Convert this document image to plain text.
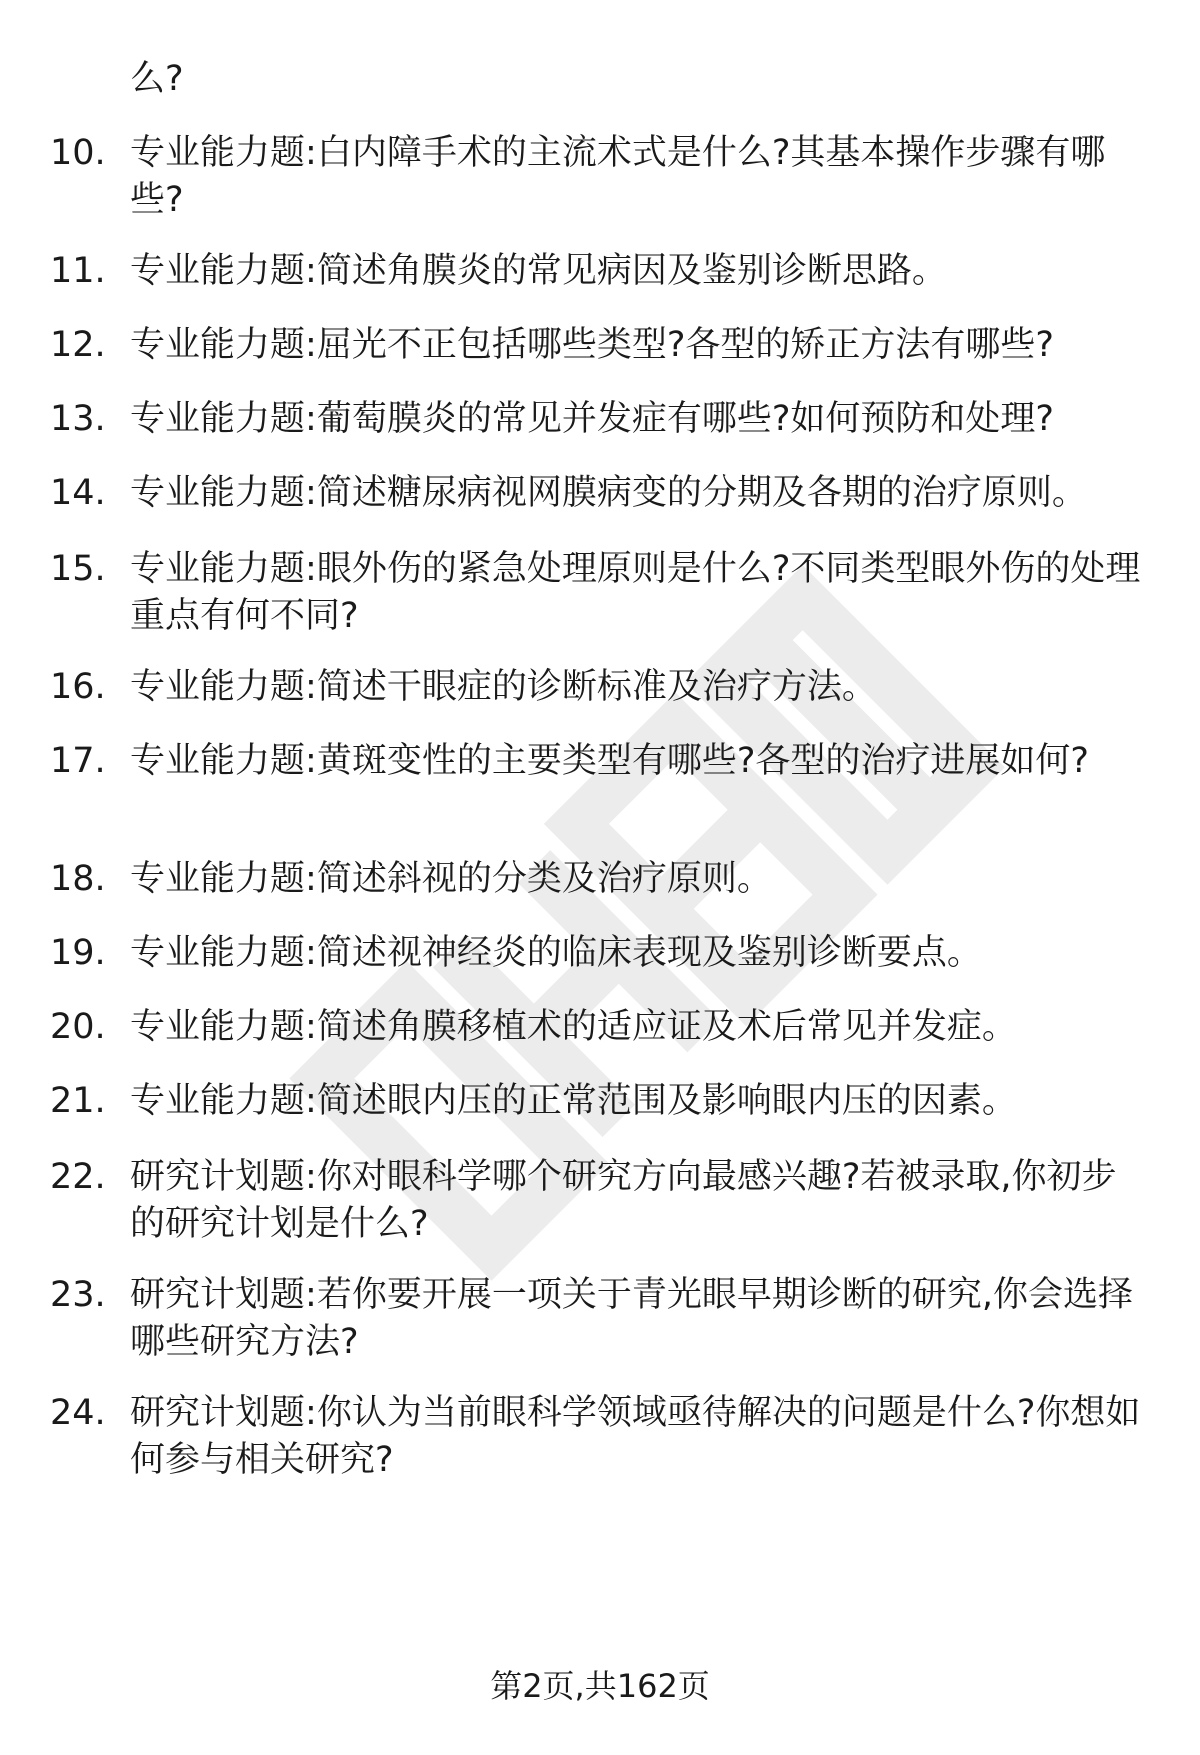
么?
10. 专业能力题:白内障手术的主流术式是什么?其基本操作步骤有哪些?
11. 专业能力题:简述角膜炎的常见病因及鉴别诊断思路。
12. 专业能力题:屈光不正包括哪些类型?各型的矫正方法有哪些?
13. 专业能力题:葡萄膜炎的常见并发症有哪些?如何预防和处理?
14. 专业能力题:简述糖尿病视网膜病变的分期及各期的治疗原则。
15. 专业能力题:眼外伤的紧急处理原则是什么?不同类型眼外伤的处理重点有何不同?
16. 专业能力题:简述干眼症的诊断标准及治疗方法。
17. 专业能力题:黄斑变性的主要类型有哪些?各型的治疗进展如何?
18. 专业能力题:简述斜视的分类及治疗原则。
19. 专业能力题:简述视神经炎的临床表现及鉴别诊断要点。
20. 专业能力题:简述角膜移植术的适应证及术后常见并发症。
21. 专业能力题:简述眼内压的正常范围及影响眼内压的因素。
22. 研究计划题:你对眼科学哪个研究方向最感兴趣?若被录取,你初步的研究计划是什么?
23. 研究计划题:若你要开展一项关于青光眼早期诊断的研究,你会选择哪些研究方法?
24. 研究计划题:你认为当前眼科学领域亟待解决的问题是什么?你想如何参与相关研究?
第2页,共162页
